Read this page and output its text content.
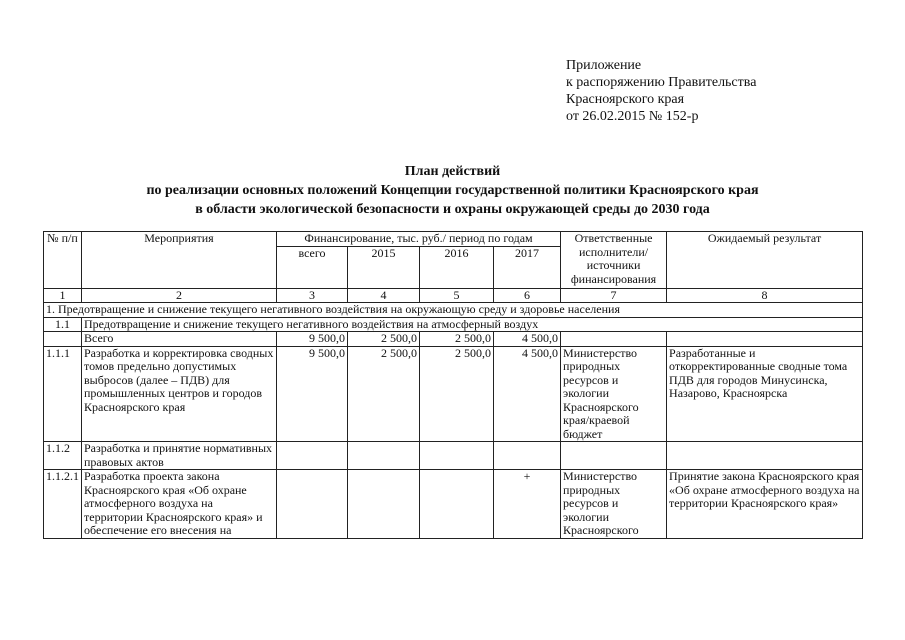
Приложение
к распоряжению Правительства
Красноярского края
от 26.02.2015 № 152-р
План действий
по реализации основных положений Концепции государственной политики Красноярского края
в области экологической безопасности и охраны окружающей среды до 2030 года
№ п/п	Мероприятия	Финансирование, тыс. руб./ период по годам				Ответственные исполнители/ источники финансирования	Ожидаемый результат
		всего	2015	2016	2017		
1	2	3	4	5	6	7	8
1. Предотвращение и снижение текущего негативного воздействия на окружающую среду и здоровье населения							
1.1	Предотвращение и снижение текущего негативного воздействия на атмосферный воздух						
	Всего	9 500,0	2 500,0	2 500,0	4 500,0		
1.1.1	Разработка и корректировка сводных томов предельно допустимых выбросов (далее – ПДВ) для промышленных центров и городов Красноярского края	9 500,0	2 500,0	2 500,0	4 500,0	Министерство природных ресурсов и экологии Красноярского края/краевой бюджет	Разработанные и откорректированные сводные тома ПДВ для городов Минусинска, Назарово, Красноярска
1.1.2	Разработка и принятие нормативных правовых актов						
1.1.2.1	Разработка проекта закона Красноярского края «Об охране атмосферного воздуха на территории Красноярского края» и обеспечение его внесения на				+	Министерство природных ресурсов и экологии Красноярского	Принятие закона Красноярского края «Об охране атмосферного воздуха на территории Красноярского края»
